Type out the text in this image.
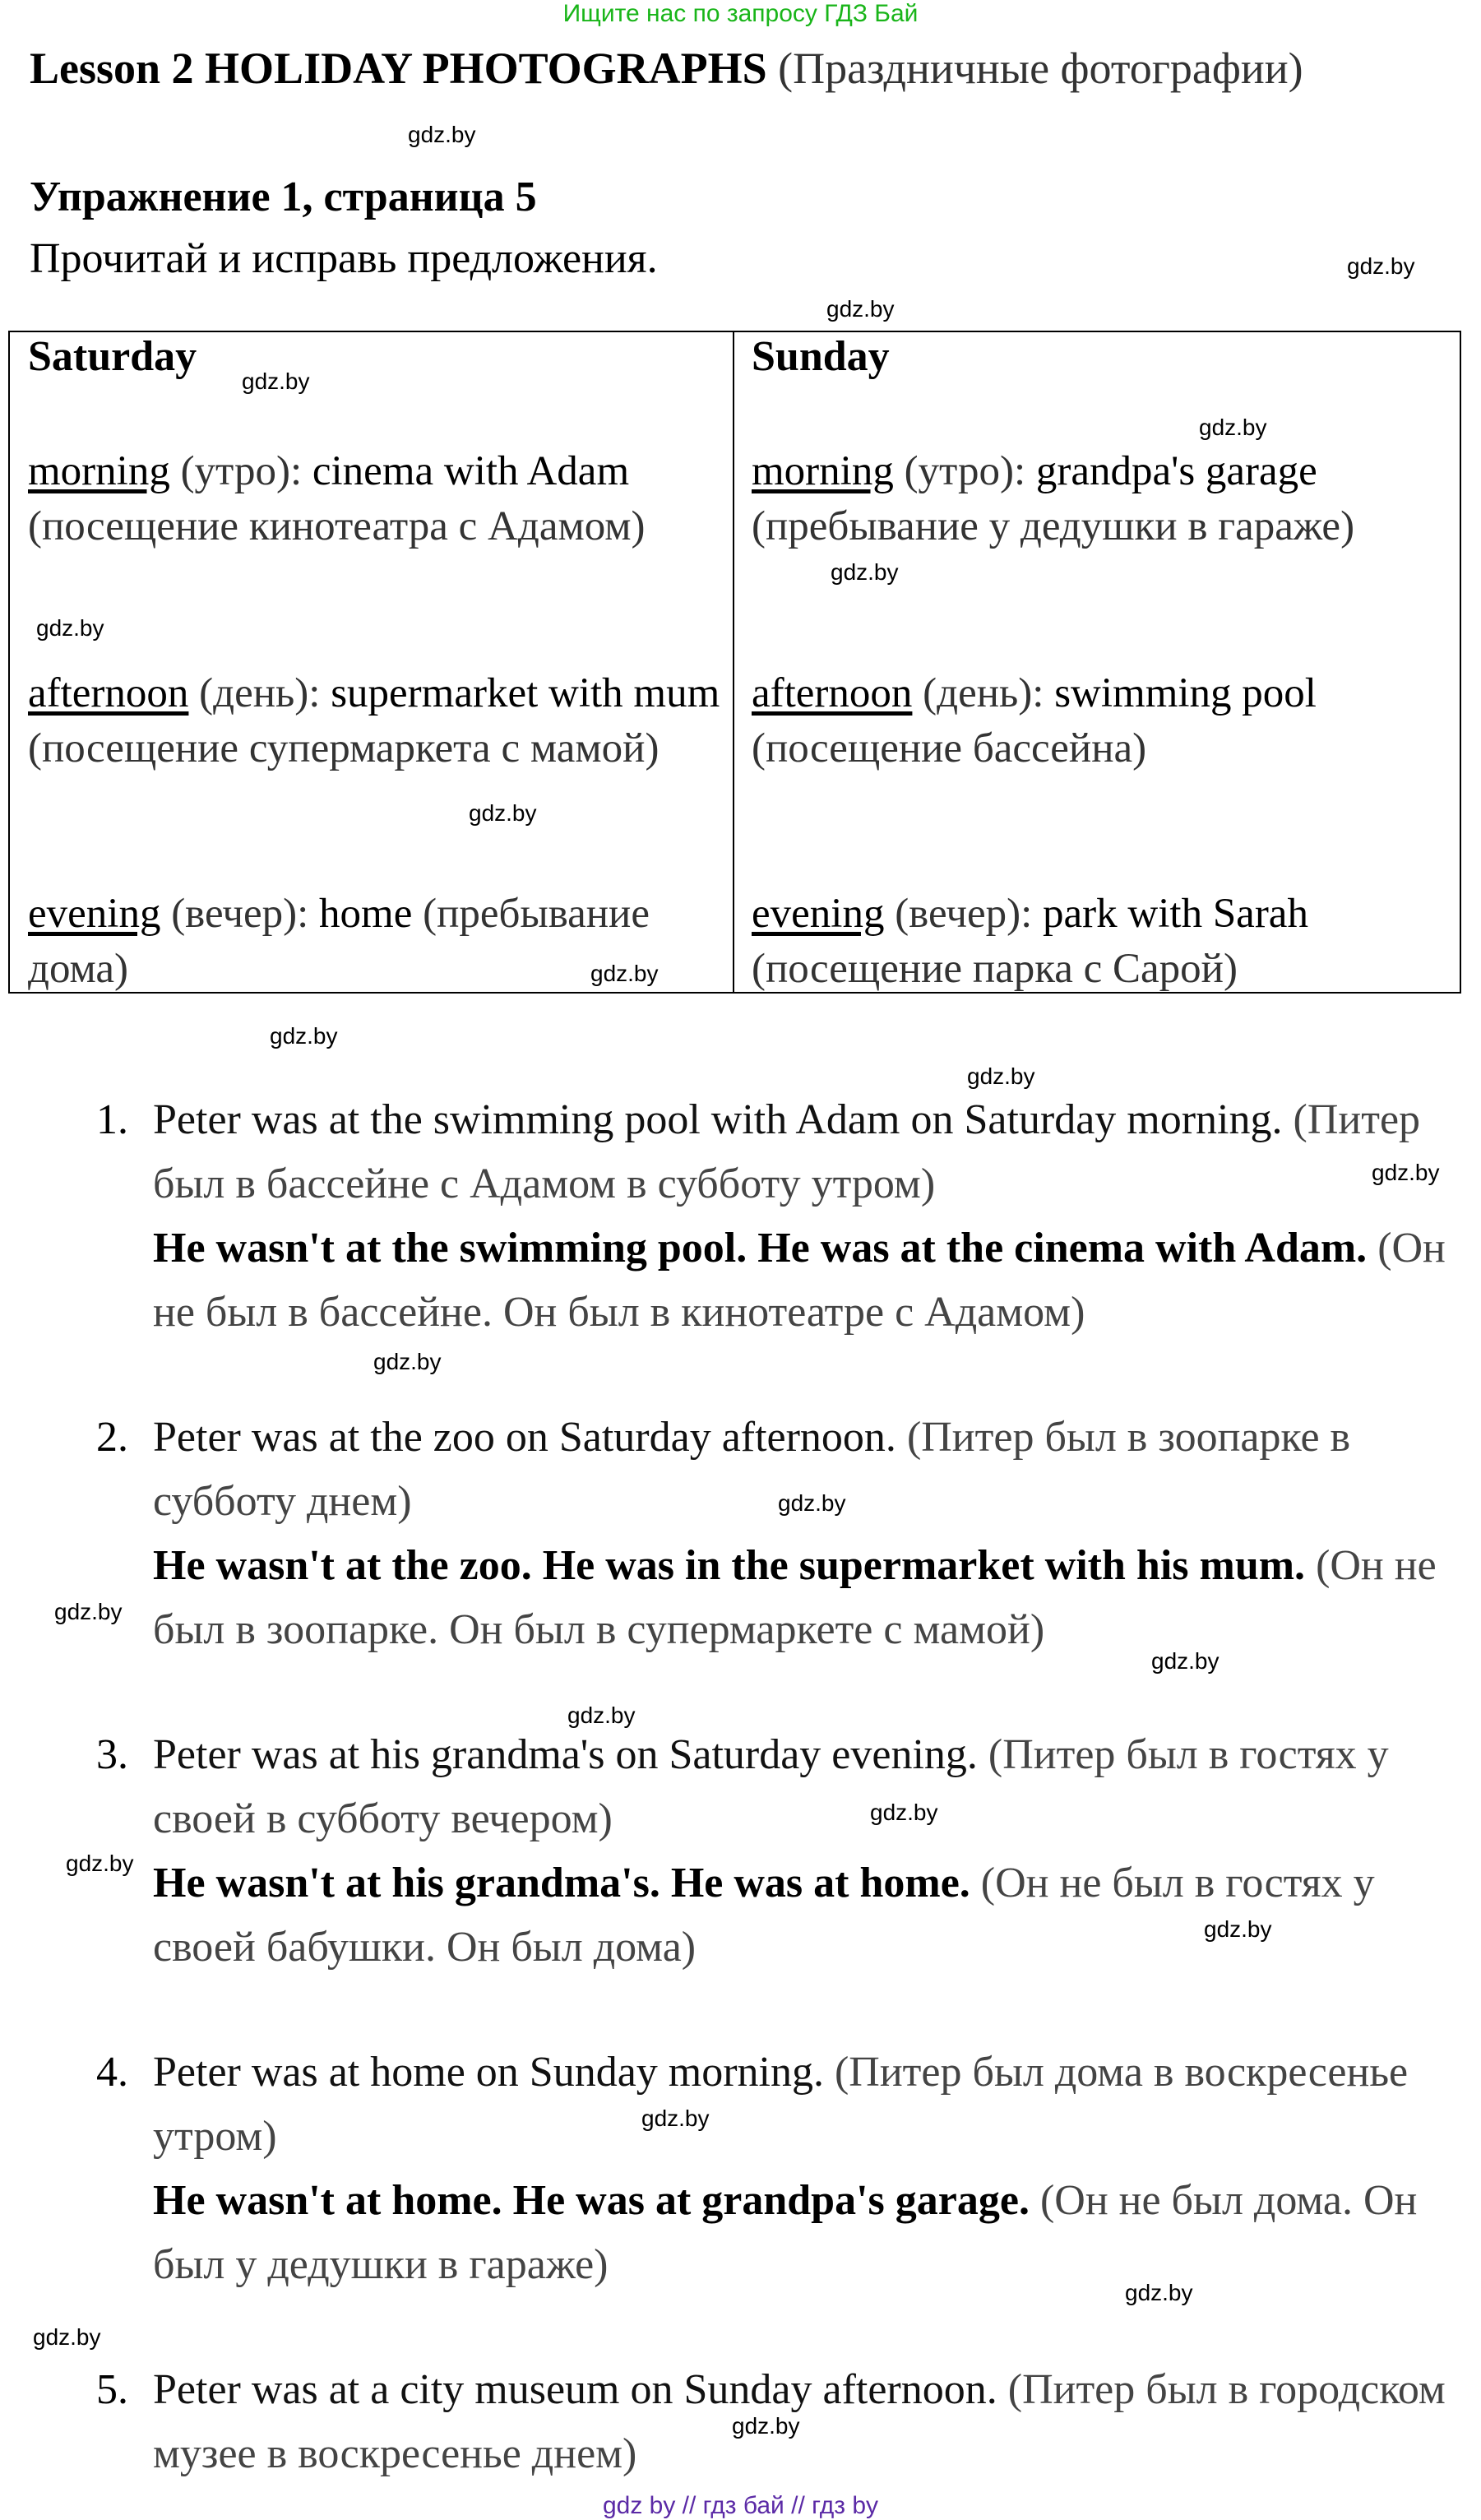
Ищите нас по запросу ГДЗ Бай
Lesson 2 HOLIDAY PHOTOGRAPHS (Праздничные фотографии)
Упражнение 1, страница 5
Прочитай и исправь предложения.
Saturday	Sunday
morning (утро): cinema with Adam (посещение кинотеатра с Адамом)
afternoon (день): supermarket with mum (посещение супермаркета с мамой)
evening (вечер): home (пребывание дома)
morning (утро): grandpa's garage (пребывание у дедушки в гараже)
afternoon (день): swimming pool (посещение бассейна)
evening (вечер): park with Sarah (посещение парка с Сарой)
1. Peter was at the swimming pool with Adam on Saturday morning. (Питер был в бассейне с Адамом в субботу утром)
He wasn't at the swimming pool. He was at the cinema with Adam. (Он не был в бассейне. Он был в кинотеатре с Адамом)
2. Peter was at the zoo on Saturday afternoon. (Питер был в зоопарке в субботу днем)
He wasn't at the zoo. He was in the supermarket with his mum. (Он не был в зоопарке. Он был в супермаркете с мамой)
3. Peter was at his grandma's on Saturday evening. (Питер был в гостях у своей в субботу вечером)
He wasn't at his grandma's. He was at home. (Он не был в гостях у своей бабушки. Он был дома)
4. Peter was at home on Sunday morning. (Питер был дома в воскресенье утром)
He wasn't at home. He was at grandpa's garage. (Он не был дома. Он был у дедушки в гараже)
5. Peter was at a city museum on Sunday afternoon. (Питер был в городском музее в воскресенье днем)
gdz.by
gdz.by
gdz.by
gdz.by
gdz.by
gdz.by
gdz.by
gdz.by
gdz.by
gdz.by
gdz.by
gdz.by
gdz.by
gdz.by
gdz.by
gdz.by
gdz.by
gdz.by
gdz.by
gdz.by
gdz.by
gdz.by
gdz.by
gdz.by
gdz by // гдз бай // гдз by
